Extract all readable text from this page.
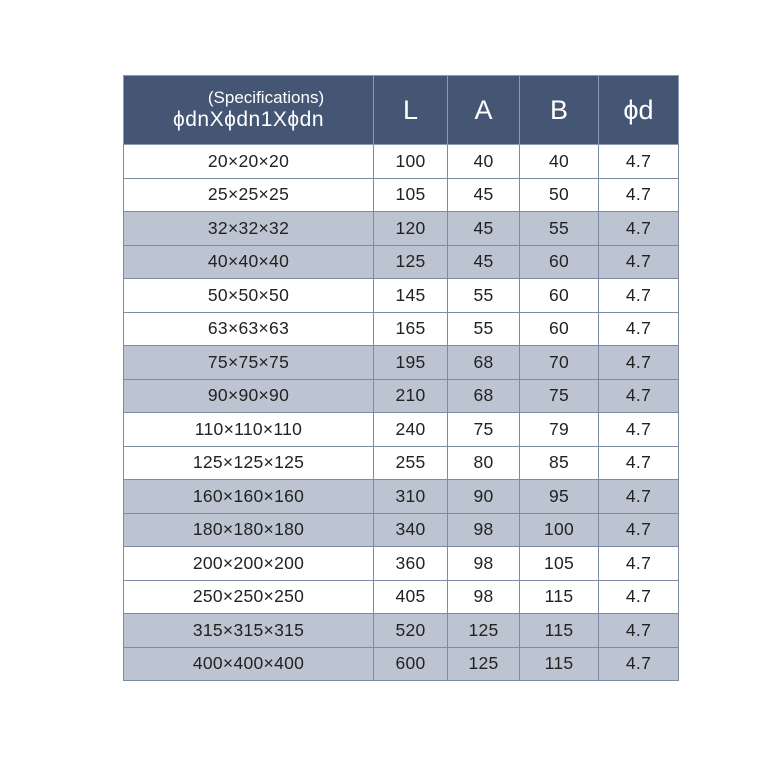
(Specifications)
ϕdnXϕdn1Xϕdn	L	A	B	ϕd
20×20×20	100	40	40	4.7
25×25×25	105	45	50	4.7
32×32×32	120	45	55	4.7
40×40×40	125	45	60	4.7
50×50×50	145	55	60	4.7
63×63×63	165	55	60	4.7
75×75×75	195	68	70	4.7
90×90×90	210	68	75	4.7
110×110×110	240	75	79	4.7
125×125×125	255	80	85	4.7
160×160×160	310	90	95	4.7
180×180×180	340	98	100	4.7
200×200×200	360	98	105	4.7
250×250×250	405	98	115	4.7
315×315×315	520	125	115	4.7
400×400×400	600	125	115	4.7
